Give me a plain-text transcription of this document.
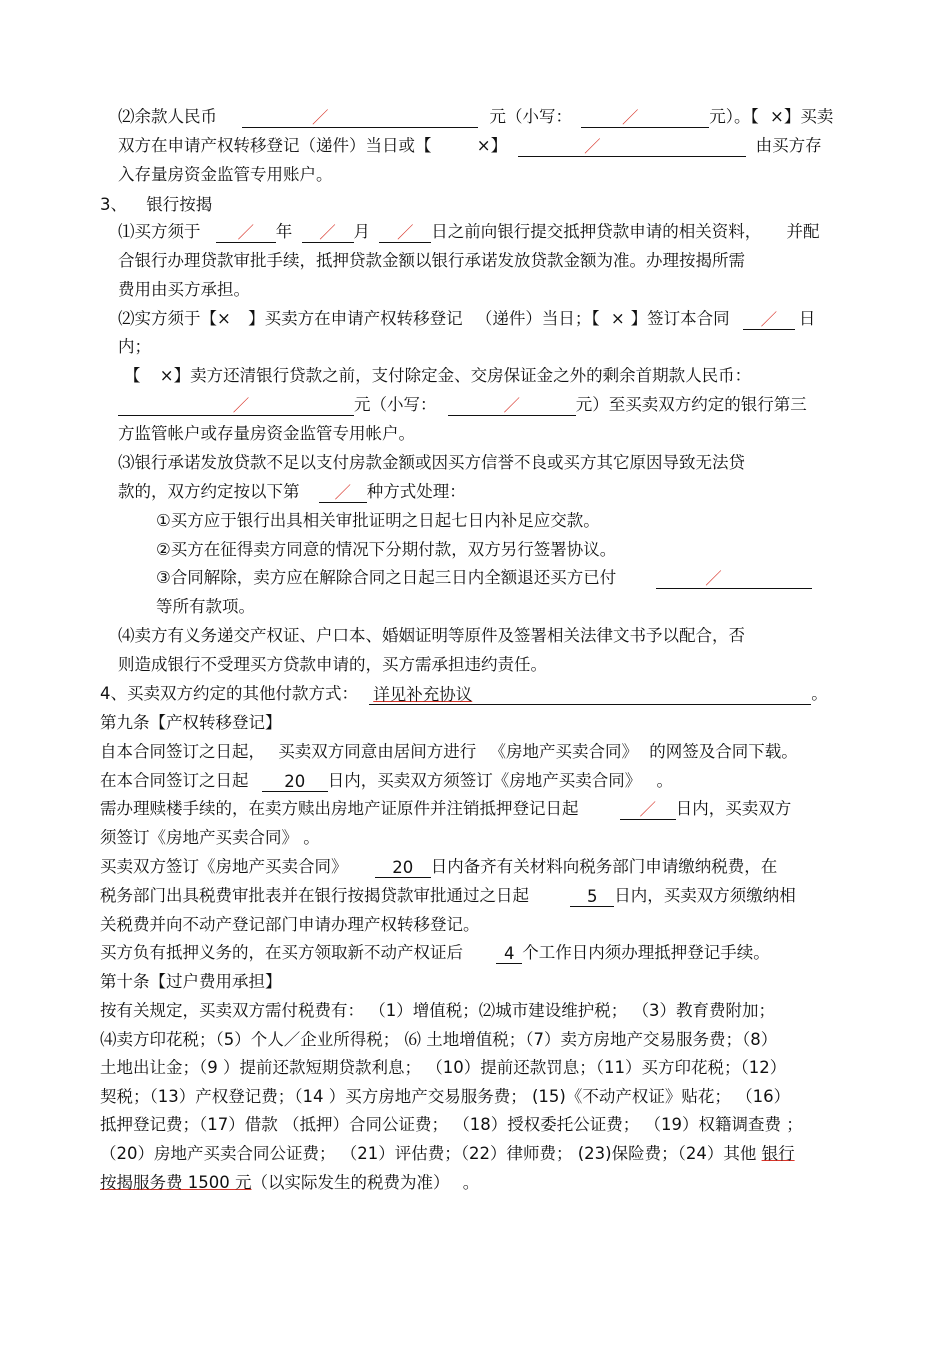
⑵余款人民币	／	元（小写：	／	元）。【 ×】买卖
双方在申请产权转移登记（递件）当日或【	×】	／	由买方存
入存量房资金监管专用账户。
3、 银行按揭
⑴买方须于 ／ 年 ／ 月 ／ 日之前向银行提交抵押贷款申请的相关资料， 并配
合银行办理贷款审批手续，抵押贷款金额以银行承诺发放贷款金额为准。办理按揭所需
费用由买方承担。
⑵实方须于【× 】买卖方在申请产权转移登记 （递件）当日；【 × 】签订本合同 ／ 日
内；
【 ×】卖方还清银行贷款之前，支付除定金、交房保证金之外的剩余首期款人民币：
／	元（小写：	／	元）至买卖双方约定的银行第三
方监管帐户或存量房资金监管专用帐户。
⑶银行承诺发放贷款不足以支付房款金额或因买方信誉不良或买方其它原因导致无法贷
款的，双方约定按以下第 ／ 种方式处理：
①买方应于银行出具相关审批证明之日起七日内补足应交款。
②买方在征得卖方同意的情况下分期付款，双方另行签署协议。
③合同解除，卖方应在解除合同之日起三日内全额退还买方已付	／
等所有款项。
⑷卖方有义务递交产权证、户口本、婚姻证明等原件及签署相关法律文书予以配合，否
则造成银行不受理买方贷款申请的，买方需承担违约责任。
4、买卖双方约定的其他付款方式： 详见补充协议	。
第九条【产权转移登记】
自本合同签订之日起， 买卖双方同意由居间方进行 《房地产买卖合同》 的网签及合同下载。
在本合同签订之日起 20 日内，买卖双方须签订《房地产买卖合同》 。
需办理赎楼手续的，在卖方赎出房地产证原件并注销抵押登记日起	／ 日内，买卖双方
须签订《房地产买卖合同》 。
买卖双方签订《房地产买卖合同》	20 日内备齐有关材料向税务部门申请缴纳税费，在
税务部门出具税费审批表并在银行按揭贷款审批通过之日起	5 日内，买卖双方须缴纳相
关税费并向不动产登记部门申请办理产权转移登记。
买方负有抵押义务的，在买方领取新不动产权证后 4 个工作日内须办理抵押登记手续。
第十条【过户费用承担】
按有关规定，买卖双方需付税费有： （1）增值税；⑵城市建设维护税； （3）教育费附加；
⑷卖方印花税；（5）个人／企业所得税； ⑹ 土地增值税；（7）卖方房地产交易服务费；（8）
土地出让金；（9 ）提前还款短期贷款利息； （10）提前还款罚息；（11）买方印花税；（12）
契税；（13）产权登记费；（14 ）买方房地产交易服务费； (15)《不动产权证》贴花； （16）
抵押登记费；（17）借款 （抵押）合同公证费； （18）授权委托公证费； （19）权籍调查费 ；
（20）房地产买卖合同公证费； （21）评估费；（22）律师费； (23)保险费；（24）其他 银行
按揭服务费 1500 元（以实际发生的税费为准） 。
